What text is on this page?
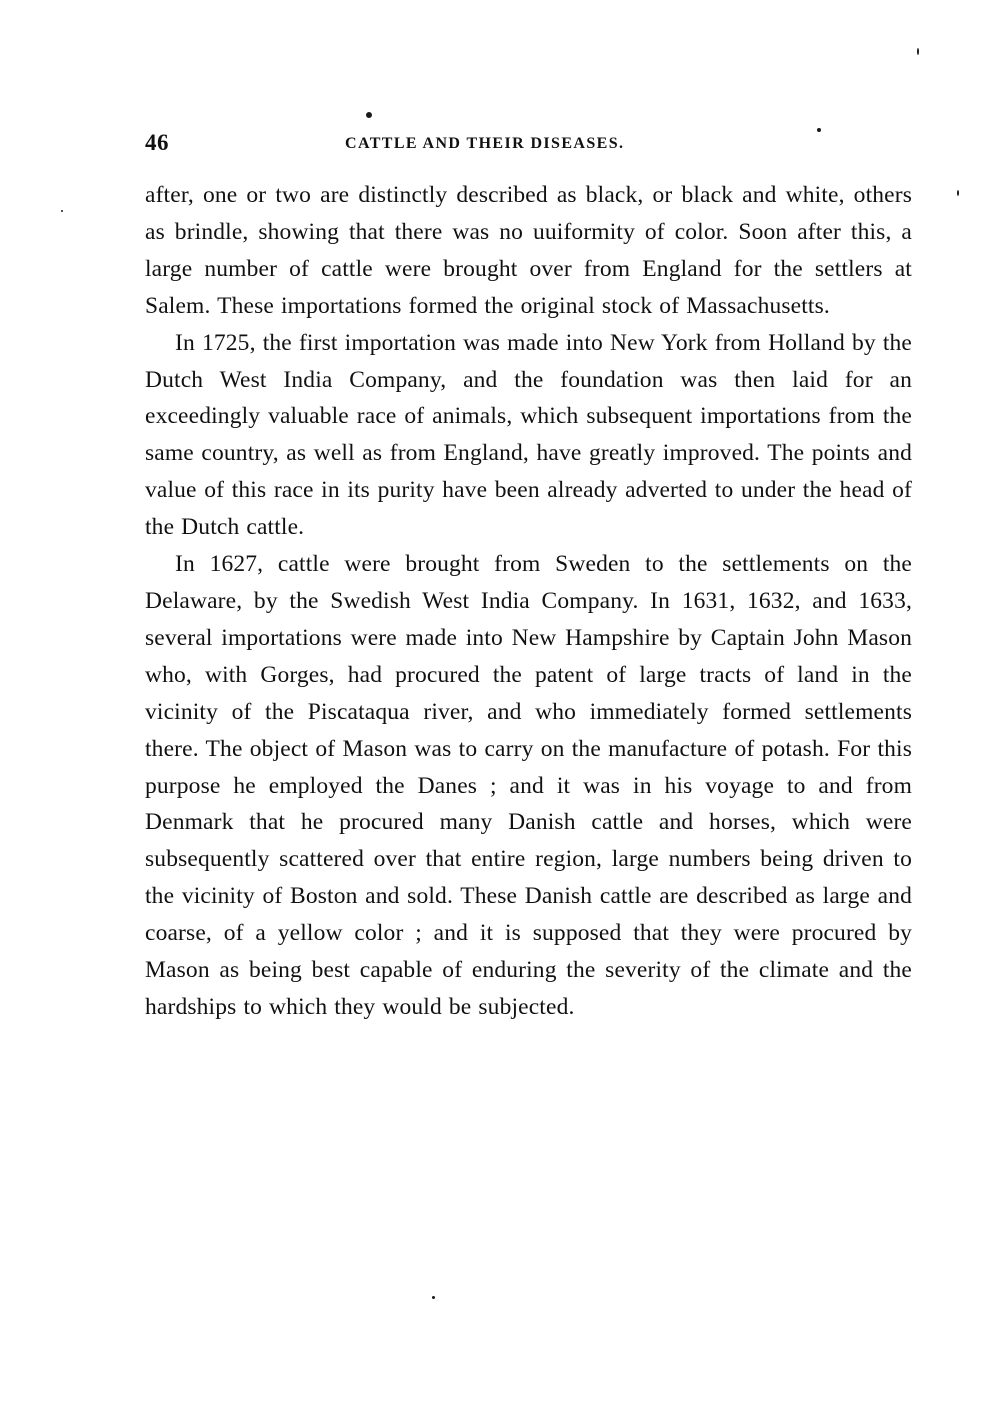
46	CATTLE AND THEIR DISEASES.

after, one or two are distinctly described as black, or black and white, others as brindle, showing that there was no uuiformity of color. Soon after this, a large number of cattle were brought over from England for the settlers at Salem. These importations formed the original stock of Massachusetts.

In 1725, the first importation was made into New York from Holland by the Dutch West India Company, and the foundation was then laid for an exceedingly valuable race of animals, which subsequent importations from the same country, as well as from England, have greatly improved. The points and value of this race in its purity have been already adverted to under the head of the Dutch cattle.

In 1627, cattle were brought from Sweden to the settlements on the Delaware, by the Swedish West India Company. In 1631, 1632, and 1633, several importations were made into New Hampshire by Captain John Mason who, with Gorges, had procured the patent of large tracts of land in the vicinity of the Piscataqua river, and who immediately formed settlements there. The object of Mason was to carry on the manufacture of potash. For this purpose he employed the Danes ; and it was in his voyage to and from Denmark that he procured many Danish cattle and horses, which were subsequently scattered over that entire region, large numbers being driven to the vicinity of Boston and sold. These Danish cattle are described as large and coarse, of a yellow color ; and it is supposed that they were procured by Mason as being best capable of enduring the severity of the climate and the hardships to which they would be subjected.
